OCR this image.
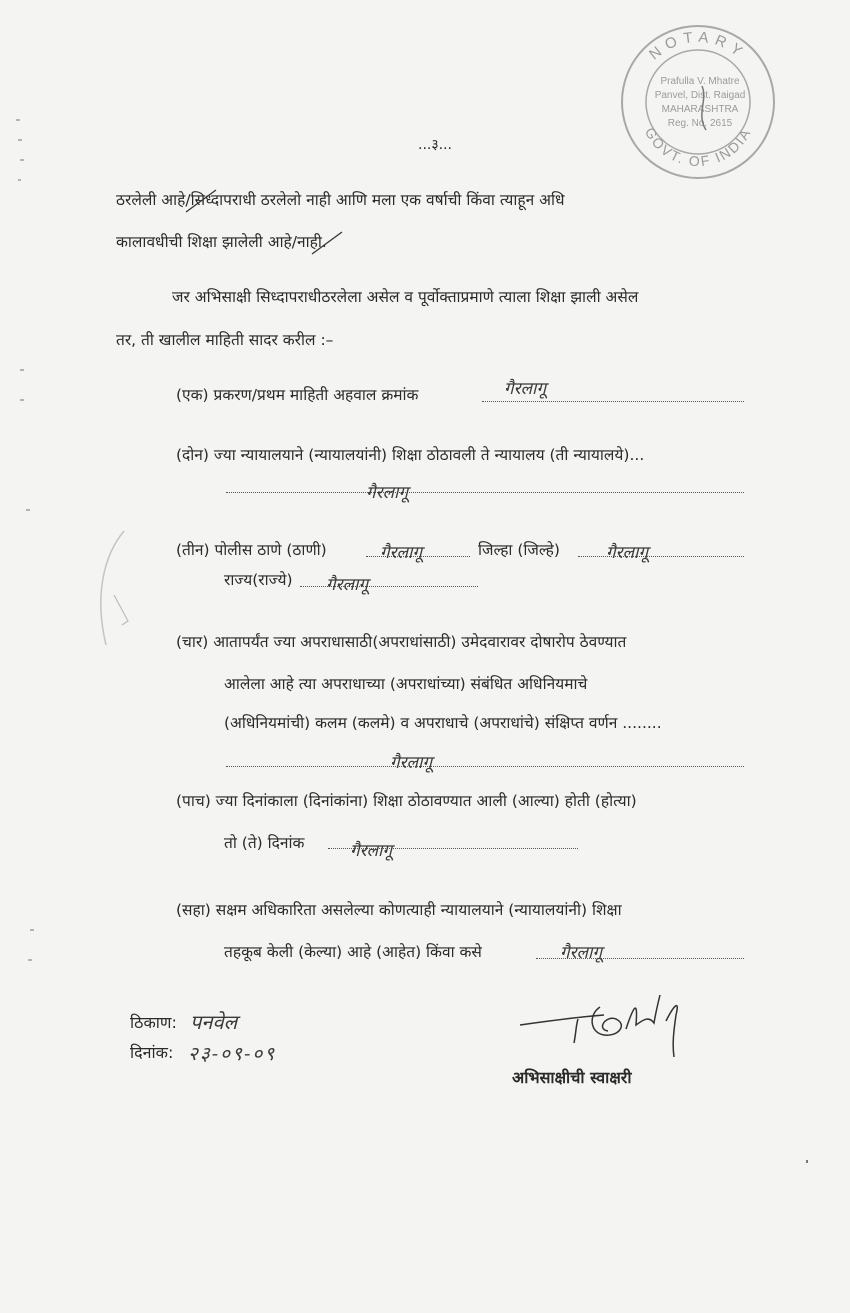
NOTARY
GOVT. OF INDIA
Prafulla V. Mhatre
Panvel, Dist. Raigad
MAHARASHTRA
Reg. No. 2615
...३...
ठरलेली आहे/सिध्दापराधी ठरलेलो नाही आणि मला एक वर्षाची किंवा त्याहून अधि
कालावधीची शिक्षा झालेली आहे/नाही.
जर अभिसाक्षी सिध्दापराधीठरलेला असेल व पूर्वोक्ताप्रमाणे त्याला शिक्षा झाली असेल
तर, ती खालील माहिती सादर करील :–
(एक) प्रकरण/प्रथम माहिती अहवाल क्रमांक	गैरलागू
(दोन) ज्या न्यायालयाने (न्यायालयांनी) शिक्षा ठोठावली ते न्यायालय (ती न्यायालये)...
गैरलागू
(तीन) पोलीस ठाणे (ठाणी)	गैरलागू	जिल्हा (जिल्हे)	गैरलागू
राज्य(राज्ये) गैरलागू
(चार) आतापर्यंत ज्या अपराधासाठी(अपराधांसाठी) उमेदवारावर दोषारोप ठेवण्यात
आलेला आहे त्या अपराधाच्या (अपराधांच्या) संबंधित अधिनियमाचे
(अधिनियमांची) कलम (कलमे) व अपराधाचे (अपराधांचे) संक्षिप्त वर्णन ........
गैरलागू
(पाच) ज्या दिनांकाला (दिनांकांना) शिक्षा ठोठावण्यात आली (आल्या) होती (होत्या)
तो (ते) दिनांक	गैरलागू
(सहा) सक्षम अधिकारिता असलेल्या कोणत्याही न्यायालयाने (न्यायालयांनी) शिक्षा
तहकूब केली (केल्या) आहे (आहेत) किंवा कसे	गैरलागू
ठिकाण: पनवेल
दिनांक: २३-०९-०९
अभिसाक्षीची स्वाक्षरी
